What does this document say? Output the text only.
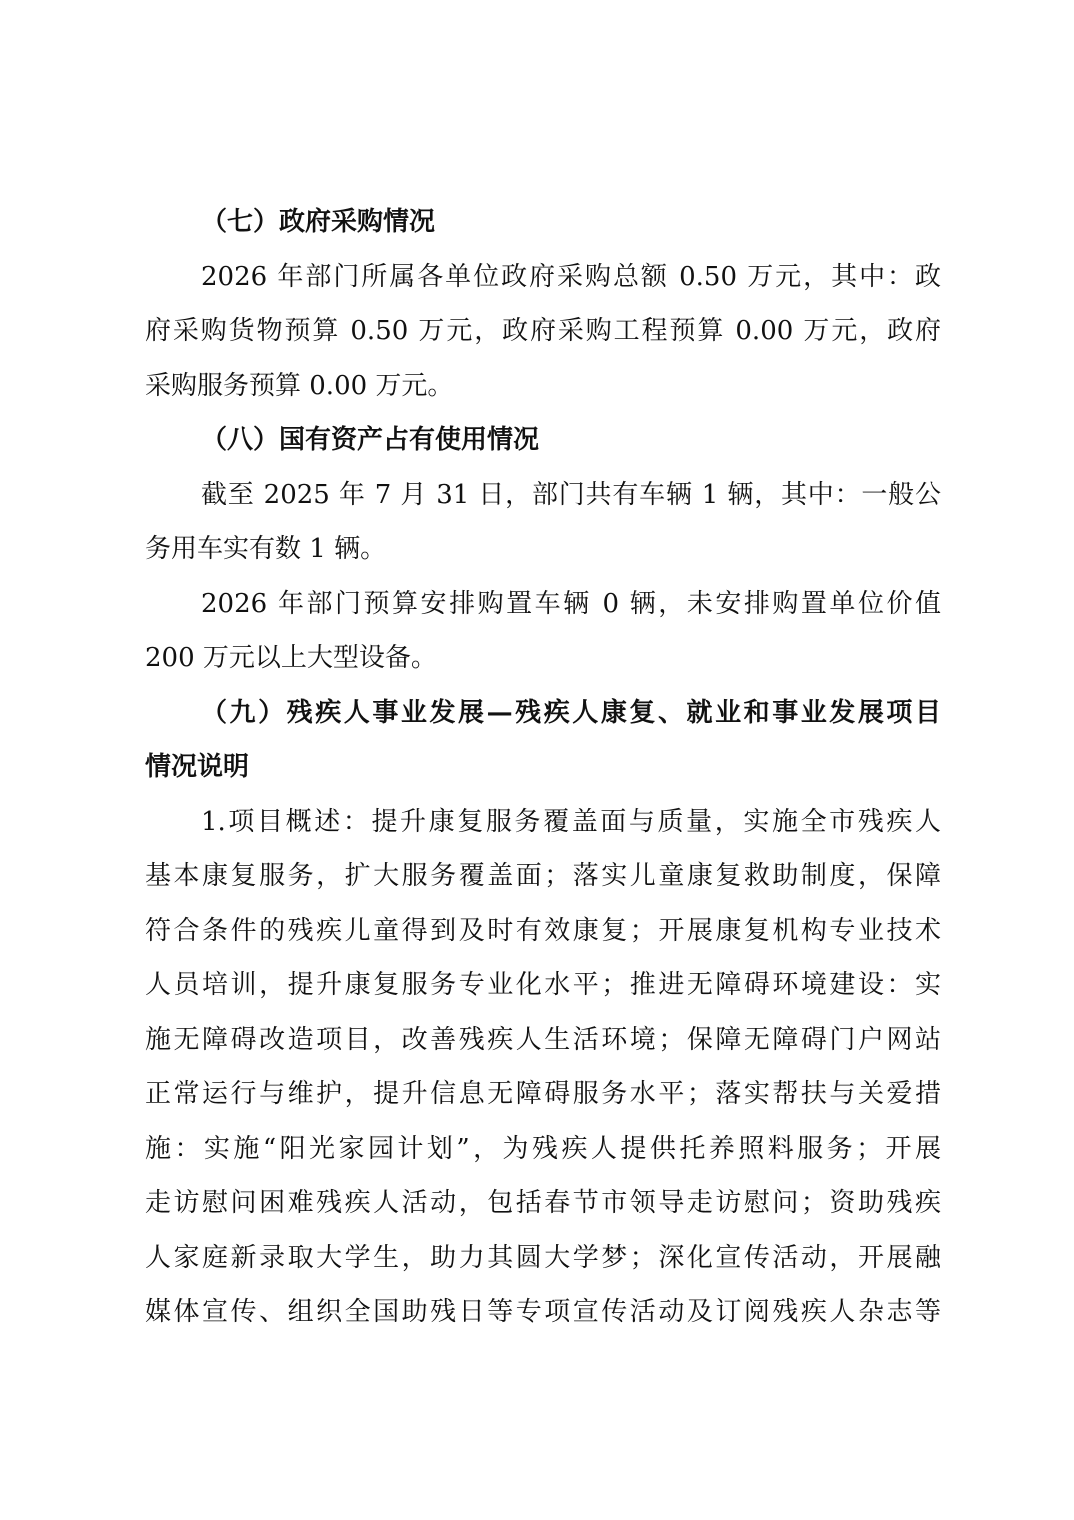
（七）政府采购情况
2026 年部门所属各单位政府采购总额 0.50 万元，其中：政
府采购货物预算 0.50 万元，政府采购工程预算 0.00 万元，政府
采购服务预算 0.00 万元。
（八）国有资产占有使用情况
截至 2025 年 7 月 31 日，部门共有车辆 1 辆，其中：一般公
务用车实有数 1 辆。
2026 年部门预算安排购置车辆 0 辆，未安排购置单位价值
200 万元以上大型设备。
（九）残疾人事业发展—残疾人康复、就业和事业发展项目
情况说明
1.项目概述：提升康复服务覆盖面与质量，实施全市残疾人
基本康复服务，扩大服务覆盖面；落实儿童康复救助制度，保障
符合条件的残疾儿童得到及时有效康复；开展康复机构专业技术
人员培训，提升康复服务专业化水平；推进无障碍环境建设：实
施无障碍改造项目，改善残疾人生活环境；保障无障碍门户网站
正常运行与维护，提升信息无障碍服务水平；落实帮扶与关爱措
施：实施“阳光家园计划”，为残疾人提供托养照料服务；开展
走访慰问困难残疾人活动，包括春节市领导走访慰问；资助残疾
人家庭新录取大学生，助力其圆大学梦；深化宣传活动，开展融
媒体宣传、组织全国助残日等专项宣传活动及订阅残疾人杂志等
